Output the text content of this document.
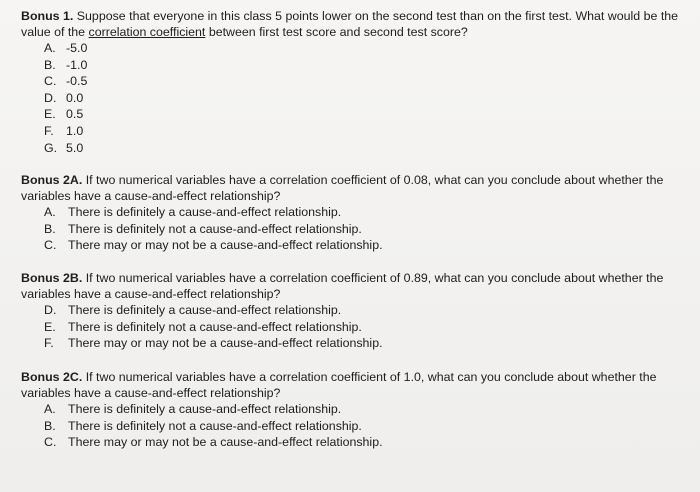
Bonus 1. Suppose that everyone in this class 5 points lower on the second test than on the first test. What would be the
value of the correlation coefficient between first test score and second test score?
A. -5.0
B. -1.0
C. -0.5
D. 0.0
E. 0.5
F. 1.0
G. 5.0
Bonus 2A. If two numerical variables have a correlation coefficient of 0.08, what can you conclude about whether the
variables have a cause-and-effect relationship?
A. There is definitely a cause-and-effect relationship.
B. There is definitely not a cause-and-effect relationship.
C. There may or may not be a cause-and-effect relationship.
Bonus 2B. If two numerical variables have a correlation coefficient of 0.89, what can you conclude about whether the
variables have a cause-and-effect relationship?
D. There is definitely a cause-and-effect relationship.
E. There is definitely not a cause-and-effect relationship.
F. There may or may not be a cause-and-effect relationship.
Bonus 2C. If two numerical variables have a correlation coefficient of 1.0, what can you conclude about whether the
variables have a cause-and-effect relationship?
A. There is definitely a cause-and-effect relationship.
B. There is definitely not a cause-and-effect relationship.
C. There may or may not be a cause-and-effect relationship.
